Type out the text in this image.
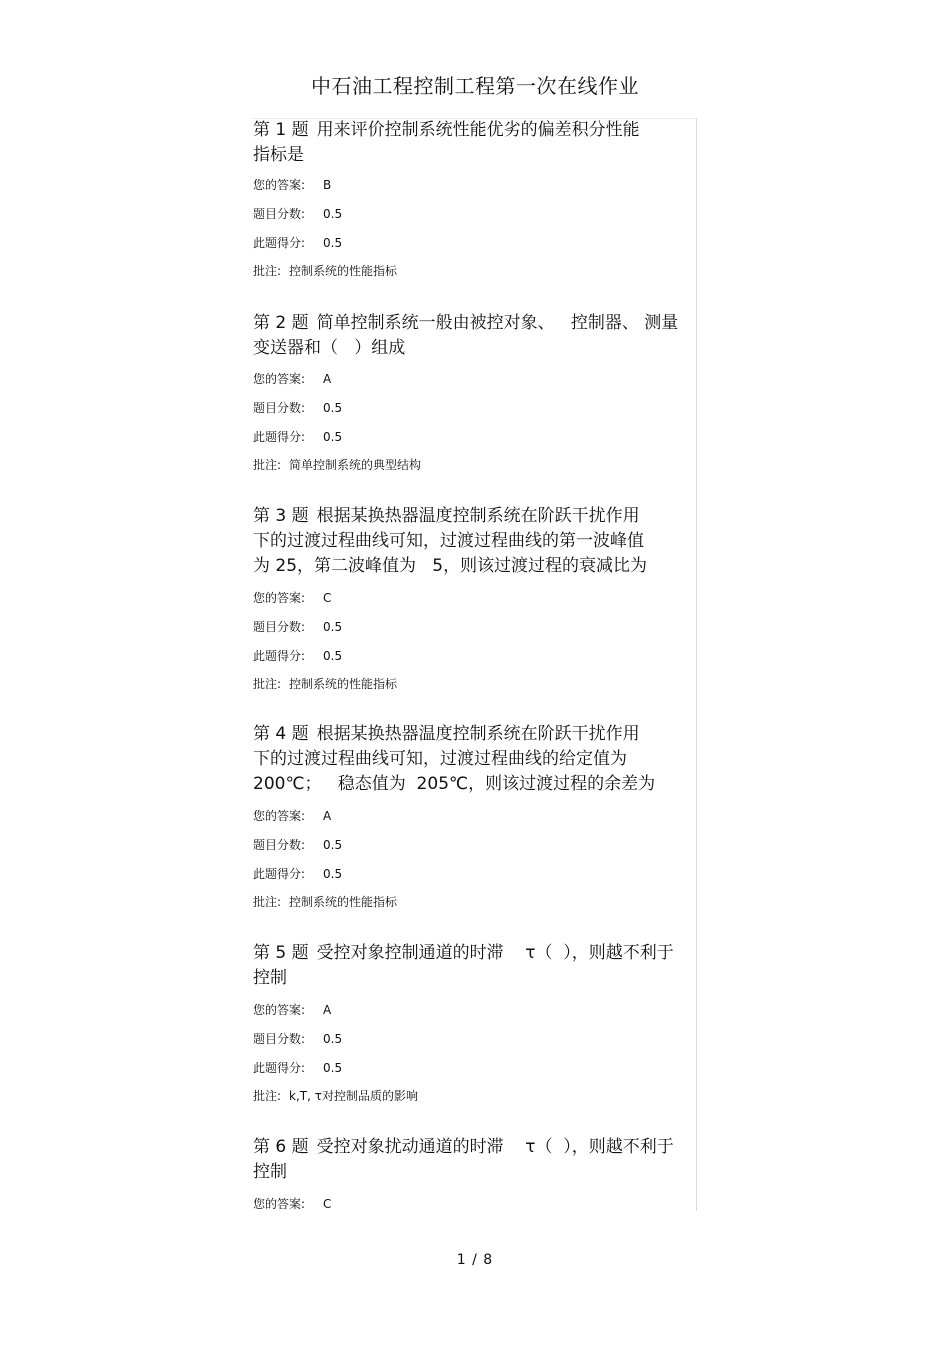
中石油工程控制工程第一次在线作业

第 1 题 用来评价控制系统性能优劣的偏差积分性能
指标是

您的答案: B
题目分数: 0.5
此题得分: 0.5
批注: 控制系统的性能指标

第 2 题 简单控制系统一般由被控对象、   控制器、 测量
变送器和（   ）组成

您的答案: A
题目分数: 0.5
此题得分: 0.5
批注: 简单控制系统的典型结构

第 3 题 根据某换热器温度控制系统在阶跃干扰作用
下的过渡过程曲线可知，过渡过程曲线的第一波峰值
为 25，第二波峰值为   5，则该过渡过程的衰减比为

您的答案: C
题目分数: 0.5
此题得分: 0.5
批注: 控制系统的性能指标

第 4 题 根据某换热器温度控制系统在阶跃干扰作用
下的过渡过程曲线可知，过渡过程曲线的给定值为
200℃；   稳态值为  205℃，则该过渡过程的余差为

您的答案: A
题目分数: 0.5
此题得分: 0.5
批注: 控制系统的性能指标

第 5 题 受控对象控制通道的时滞    τ（  ），则越不利于
控制

您的答案: A
题目分数: 0.5
此题得分: 0.5
批注:k,T, τ对控制品质的影响

第 6 题 受控对象扰动通道的时滞    τ（  ），则越不利于
控制

您的答案: C
1 / 8
